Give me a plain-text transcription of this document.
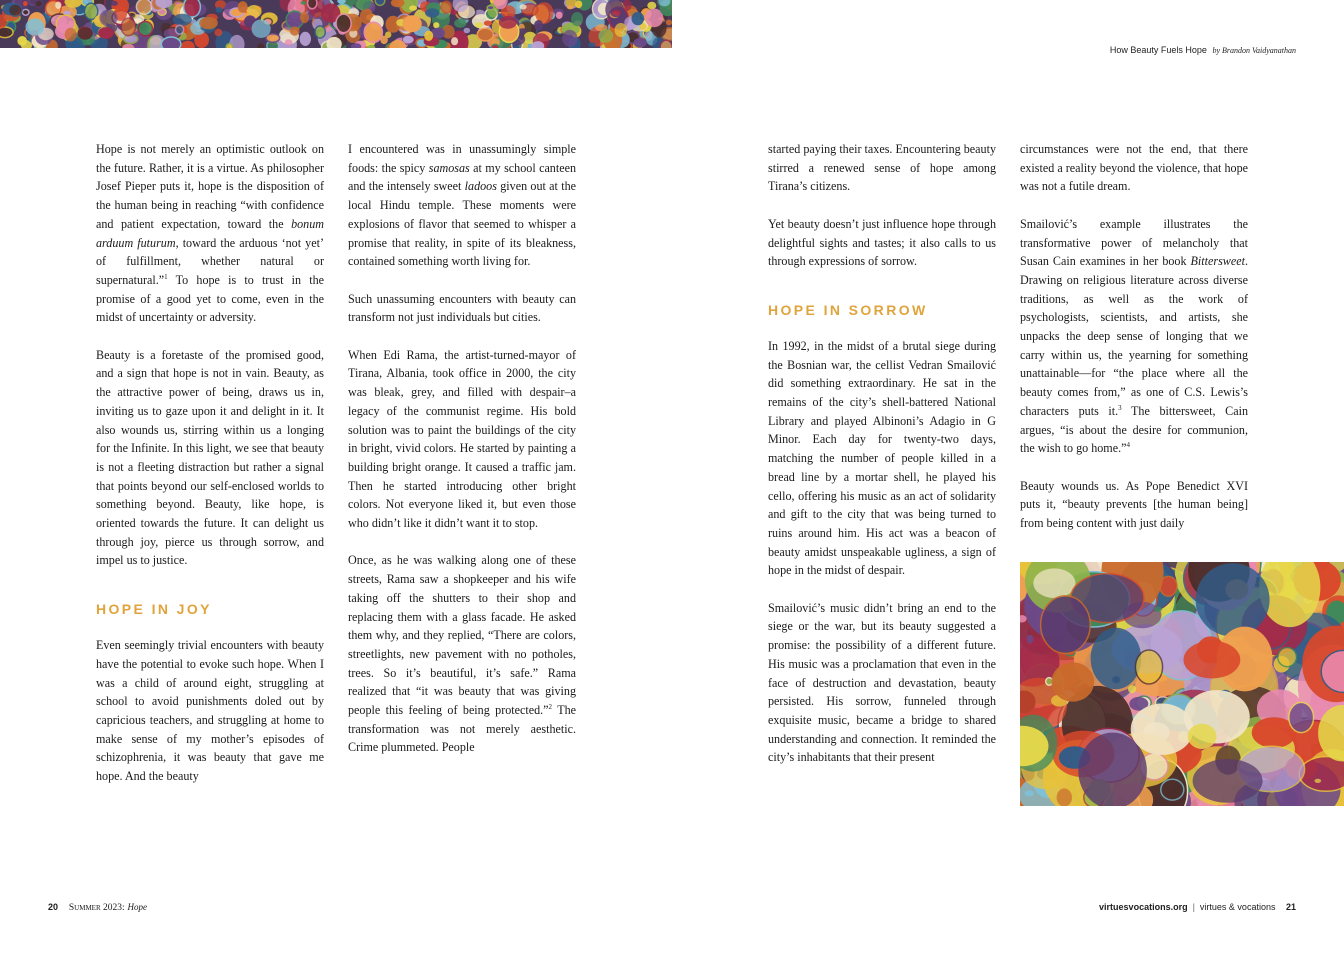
How Beauty Fuels Hope by Brandon Vaidyanathan

Hope is not merely an optimistic outlook on the future. Rather, it is a virtue. As philosopher Josef Pieper puts it, hope is the disposition of the human being in reaching “with confidence and patient expectation, toward the bonum arduum futurum, toward the arduous ‘not yet’ of fulfillment, whether natural or supernatural.”$^1$ To hope is to trust in the promise of a good yet to come, even in the midst of uncertainty or adversity.

Beauty is a foretaste of the promised good, and a sign that hope is not in vain. Beauty, as the attractive power of being, draws us in, inviting us to gaze upon it and delight in it. It also wounds us, stirring within us a longing for the Infinite. In this light, we see that beauty is not a fleeting distraction but rather a signal that points beyond our self-enclosed worlds to something beyond. Beauty, like hope, is oriented towards the future. It can delight us through joy, pierce us through sorrow, and impel us to justice.

HOPE IN JOY

Even seemingly trivial encounters with beauty have the potential to evoke such hope. When I was a child of around eight, struggling at school to avoid punishments doled out by capricious teachers, and struggling at home to make sense of my mother’s episodes of schizophrenia, it was beauty that gave me hope. And the beauty

I encountered was in unassumingly simple foods: the spicy samosas at my school canteen and the intensely sweet ladoos given out at the local Hindu temple. These moments were explosions of flavor that seemed to whisper a promise that reality, in spite of its bleakness, contained something worth living for.

Such unassuming encounters with beauty can transform not just individuals but cities.

When Edi Rama, the artist-turned-mayor of Tirana, Albania, took office in 2000, the city was bleak, grey, and filled with despair–a legacy of the communist regime. His bold solution was to paint the buildings of the city in bright, vivid colors. He started by painting a building bright orange. It caused a traffic jam. Then he started introducing other bright colors. Not everyone liked it, but even those who didn’t like it didn’t want it to stop.

Once, as he was walking along one of these streets, Rama saw a shopkeeper and his wife taking off the shutters to their shop and replacing them with a glass facade. He asked them why, and they replied, “There are colors, streetlights, new pavement with no potholes, trees. So it’s beautiful, it’s safe.” Rama realized that “it was beauty that was giving people this feeling of being protected.”$^2$ The transformation was not merely aesthetic. Crime plummeted. People

started paying their taxes. Encountering beauty stirred a renewed sense of hope among Tirana’s citizens.

Yet beauty doesn’t just influence hope through delightful sights and tastes; it also calls to us through expressions of sorrow.

HOPE IN SORROW

In 1992, in the midst of a brutal siege during the Bosnian war, the cellist Vedran Smailović did something extraordinary. He sat in the remains of the city’s shell-battered National Library and played Albinoni’s Adagio in G Minor. Each day for twenty-two days, matching the number of people killed in a bread line by a mortar shell, he played his cello, offering his music as an act of solidarity and gift to the city that was being turned to ruins around him. His act was a beacon of beauty amidst unspeakable ugliness, a sign of hope in the midst of despair.

Smailović’s music didn’t bring an end to the siege or the war, but its beauty suggested a promise: the possibility of a different future. His music was a proclamation that even in the face of destruction and devastation, beauty persisted. His sorrow, funneled through exquisite music, became a bridge to shared understanding and connection. It reminded the city’s inhabitants that their present

circumstances were not the end, that there existed a reality beyond the violence, that hope was not a futile dream.

Smailović’s example illustrates the transformative power of melancholy that Susan Cain examines in her book Bittersweet. Drawing on religious literature across diverse traditions, as well as the work of psychologists, scientists, and artists, she unpacks the deep sense of longing that we carry within us, the yearning for something unattainable—for “the place where all the beauty comes from,” as one of C.S. Lewis’s characters puts it.$^3$ The bittersweet, Cain argues, “is about the desire for communion, the wish to go home.”$^4$

Beauty wounds us. As Pope Benedict XVI puts it, “beauty prevents [the human being] from being content with just daily

20 Summer 2023: Hope	virtuesvocations.org | virtues & vocations 21
